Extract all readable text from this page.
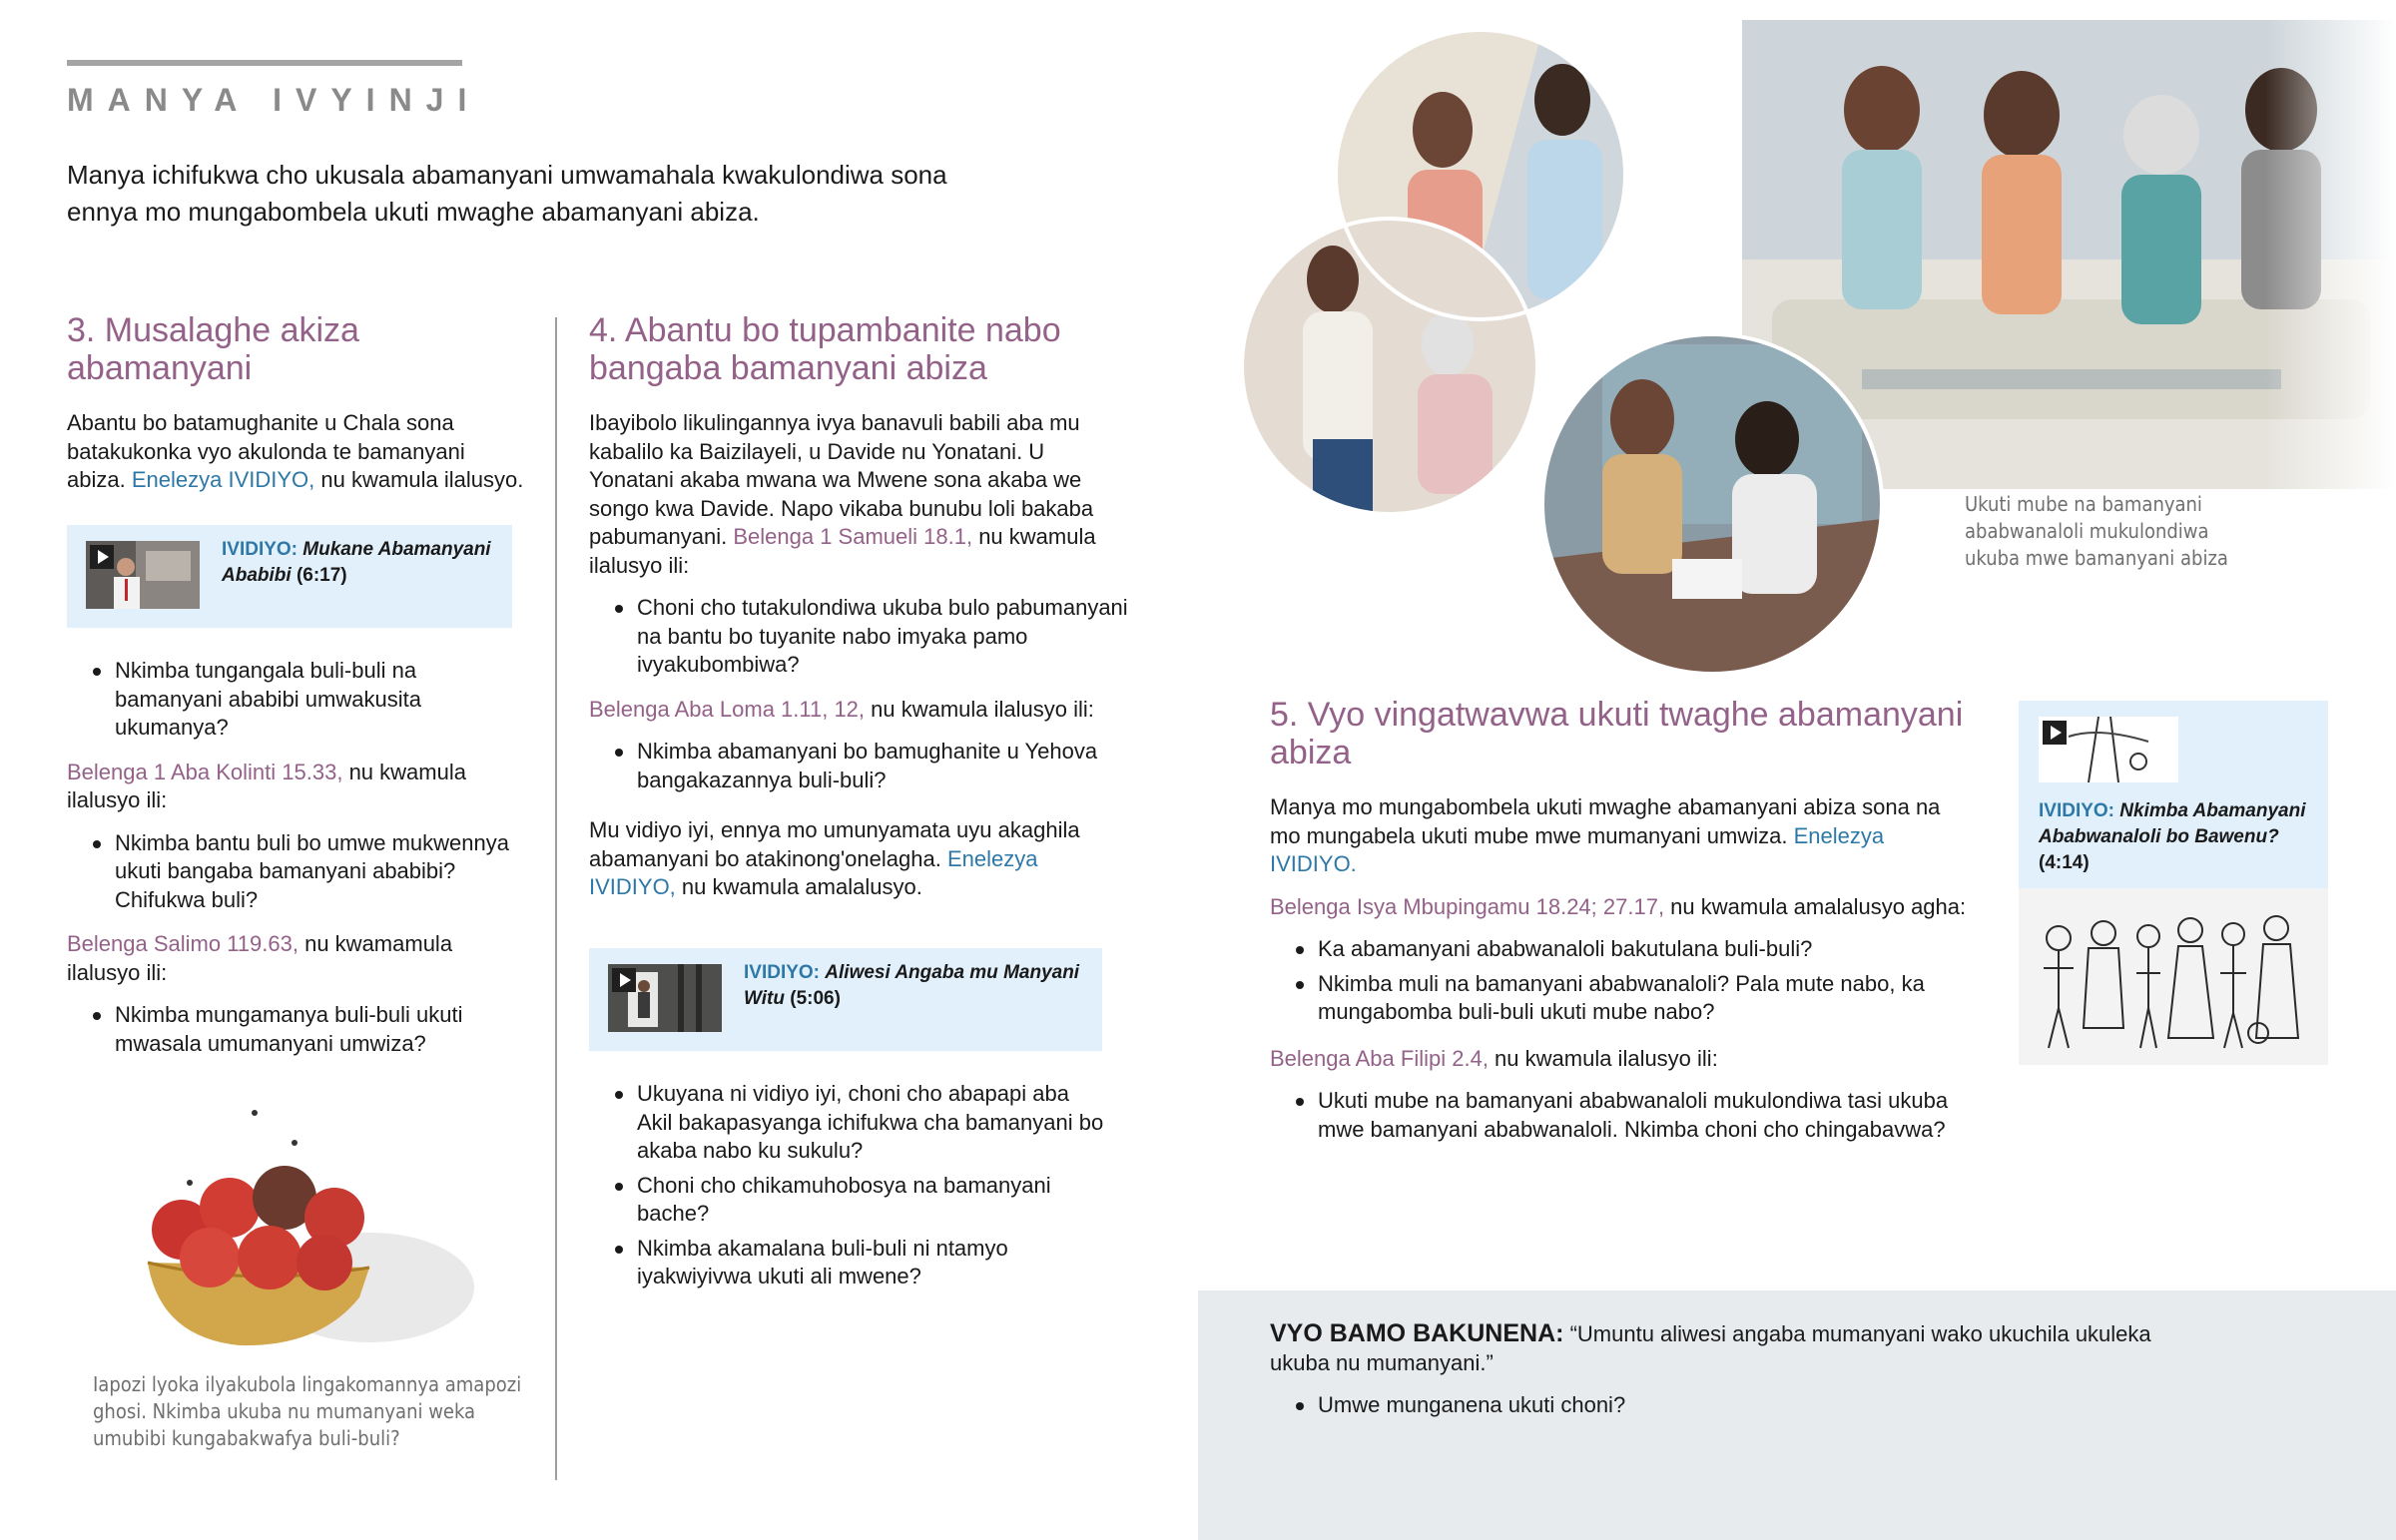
MANYA IVYINJI
Manya ichifukwa cho ukusala abamanyani umwamahala kwakulondiwa sona ennya mo mungabombela ukuti mwaghe abamanyani abiza.
3. Musalaghe akiza abamanyani

Abantu bo batamughanite u Chala sona batakukonka vyo akulonda te bamanyani abiza. Enelezya IVIDIYO, nu kwamula ilalusyo.

IVIDIYO: Mukane Abamanyani Ababibi (6:17)
Nkimba tungangala buli-buli na bamanyani ababibi umwakusita ukumanya?

Belenga 1 Aba Kolinti 15.33, nu kwamula ilalusyo ili:

Nkimba bantu buli bo umwe mukwennya ukuti bangaba bamanyani ababibi? Chifukwa buli?

Belenga Salimo 119.63, nu kwamamula ilalusyo ili:

Nkimba mungamanya buli-buli ukuti mwasala umumanyani umwiza?
Iapozi lyoka ilyakubola lingakomannya amapozi ghosi. Nkimba ukuba nu mumanyani weka umubibi kungabakwafya buli-buli?
4. Abantu bo tupambanite nabo bangaba bamanyani abiza

Ibayibolo likulingannya ivya banavuli babili aba mu kabalilo ka Baizilayeli, u Davide nu Yonatani. U Yonatani akaba mwana wa Mwene sona akaba we songo kwa Davide. Napo vikaba bunubu loli bakaba pabumanyani. Belenga 1 Samueli 18.1, nu kwamula ilalusyo ili:

Choni cho tutakulondiwa ukuba bulo pabumanyani na bantu bo tuyanite nabo imyaka pamo ivyakubombiwa?

Belenga Aba Loma 1.11, 12, nu kwamula ilalusyo ili:

Nkimba abamanyani bo bamughanite u Yehova bangakazannya buli-buli?

Mu vidiyo iyi, ennya mo umunyamata uyu akaghila abamanyani bo atakinong'onelagha. Enelezya IVIDIYO, nu kwamula amalalusyo.

IVIDIYO: Aliwesi Angaba mu Manyani Witu (5:06)
Ukuyana ni vidiyo iyi, choni cho abapapi aba Akil bakapasyanga ichifukwa cha bamanyani bo akaba nabo ku sukulu?
Choni cho chikamuhobosya na bamanyani bache?
Nkimba akamalana buli-buli ni ntamyo iyakwiyivwa ukuti ali mwene?
Ukuti mube na bamanyani ababwanaloli mukulondiwa ukuba mwe bamanyani abiza
5. Vyo vingatwavwa ukuti twaghe abamanyani abiza

Manya mo mungabombela ukuti mwaghe abamanyani abiza sona na mo mungabela ukuti mube mwe mumanyani umwiza. Enelezya IVIDIYO.

Belenga Isya Mbupingamu 18.24; 27.17, nu kwamula amalalusyo agha:

Ka abamanyani ababwanaloli bakutulana buli-buli?
Nkimba muli na bamanyani ababwanaloli? Pala mute nabo, ka mungabomba buli-buli ukuti mube nabo?

Belenga Aba Filipi 2.4, nu kwamula ilalusyo ili:

Ukuti mube na bamanyani ababwanaloli mukulondiwa tasi ukuba mwe bamanyani ababwanaloli. Nkimba choni cho chingabavwa?
IVIDIYO: Nkimba Abamanyani Ababwanaloli bo Bawenu? (4:14)

VYO BAMO BAKUNENA: “Umuntu aliwesi angaba mumanyani wako ukuchila ukuleka ukuba nu mumanyani.”

Umwe munganena ukuti choni?
